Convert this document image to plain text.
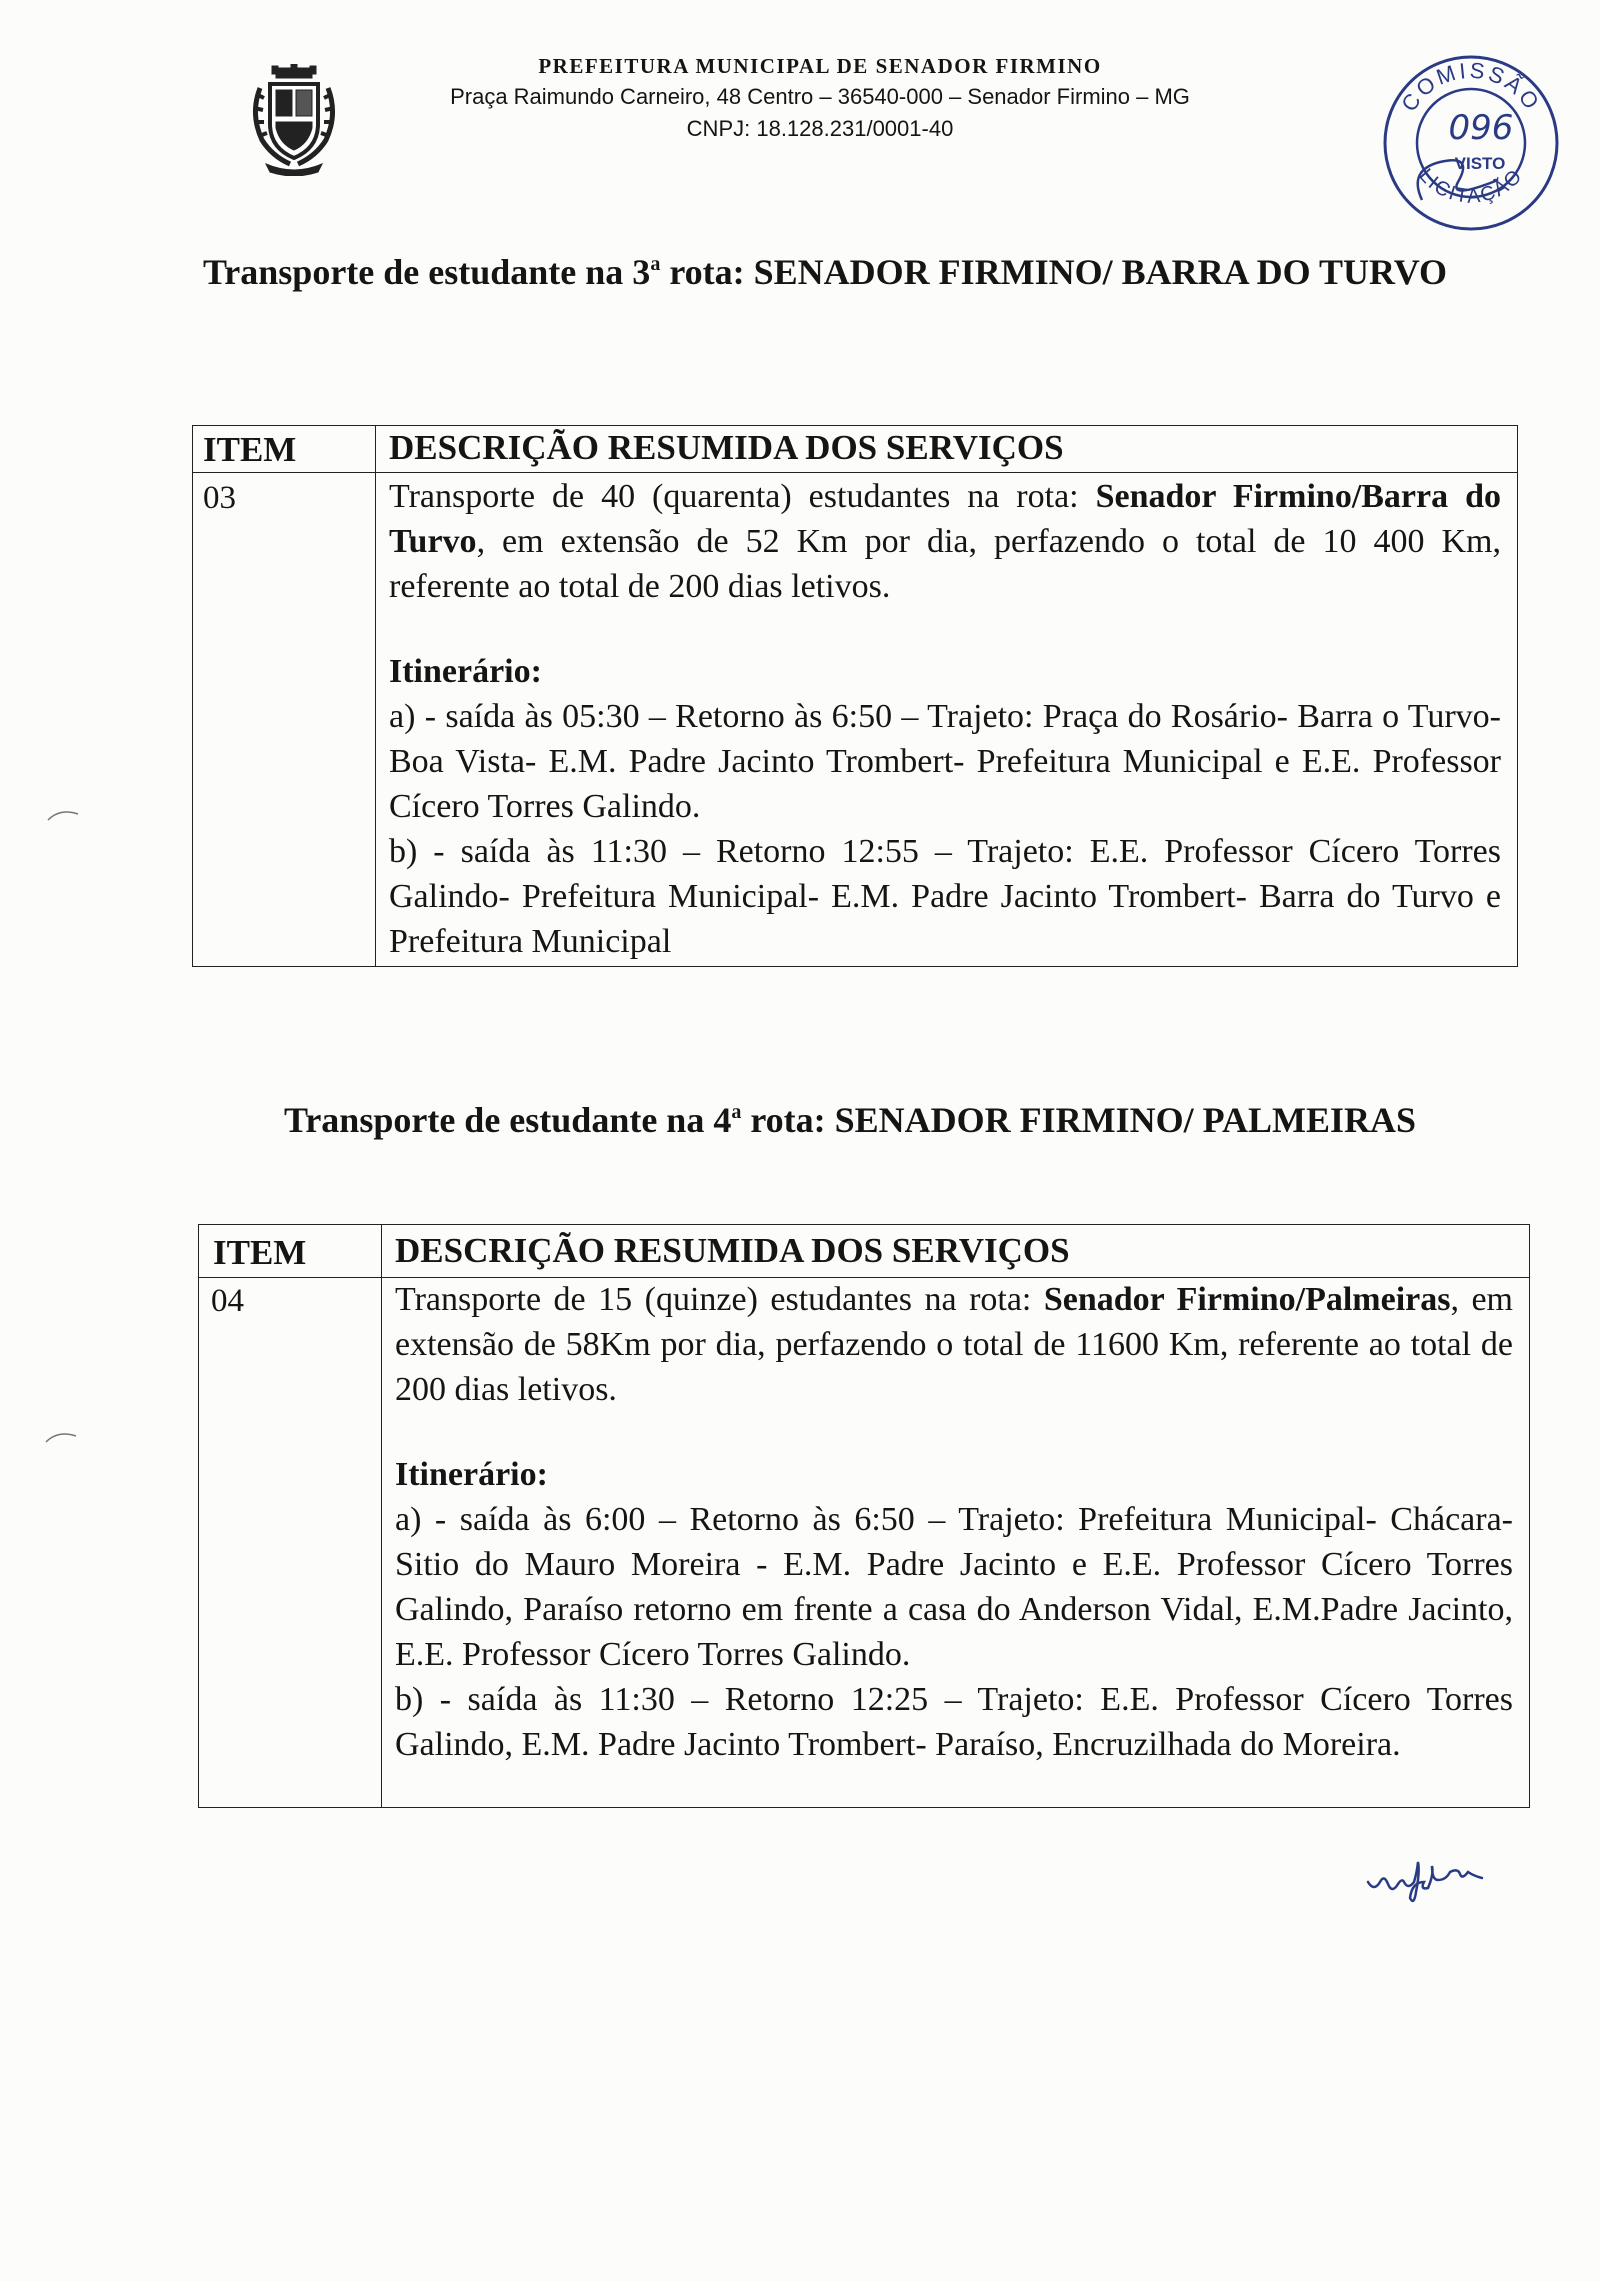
PREFEITURA MUNICIPAL DE SENADOR FIRMINO
Praça Raimundo Carneiro, 48 Centro – 36540-000 – Senador Firmino – MG
CNPJ: 18.128.231/0001-40
COMISSÃO
LICITAÇÃO
096
VISTO
Transporte de estudante na 3$^a$ rota: SENADOR FIRMINO/ BARRA DO TURVO
ITEM	DESCRIÇÃO RESUMIDA DOS SERVIÇOS
03	Transporte de 40 (quarenta) estudantes na rota: Senador Firmino/Barra do Turvo, em extensão de 52 Km por dia, perfazendo o total de 10 400 Km, referente ao total de 200 dias letivos.

Itinerário:

a) - saída às 05:30 – Retorno às 6:50 – Trajeto: Praça do Rosário- Barra o Turvo- Boa Vista- E.M. Padre Jacinto Trombert- Prefeitura Municipal e E.E. Professor Cícero Torres Galindo.

b) - saída às 11:30 – Retorno 12:55 – Trajeto: E.E. Professor Cícero Torres Galindo- Prefeitura Municipal- E.M. Padre Jacinto Trombert- Barra do Turvo e Prefeitura Municipal

Transporte de estudante na 4$^a$ rota: SENADOR FIRMINO/ PALMEIRAS
ITEM	DESCRIÇÃO RESUMIDA DOS SERVIÇOS
04	Transporte de 15 (quinze) estudantes na rota: Senador Firmino/Palmeiras, em extensão de 58Km por dia, perfazendo o total de 11600 Km, referente ao total de 200 dias letivos.

Itinerário:

a) - saída às 6:00 – Retorno às 6:50 – Trajeto: Prefeitura Municipal- Chácara- Sitio do Mauro Moreira - E.M. Padre Jacinto e E.E. Professor Cícero Torres Galindo, Paraíso retorno em frente a casa do Anderson Vidal, E.M.Padre Jacinto, E.E. Professor Cícero Torres Galindo.

b) - saída às 11:30 – Retorno 12:25 – Trajeto: E.E. Professor Cícero Torres Galindo, E.M. Padre Jacinto Trombert- Paraíso, Encruzilhada do Moreira.
